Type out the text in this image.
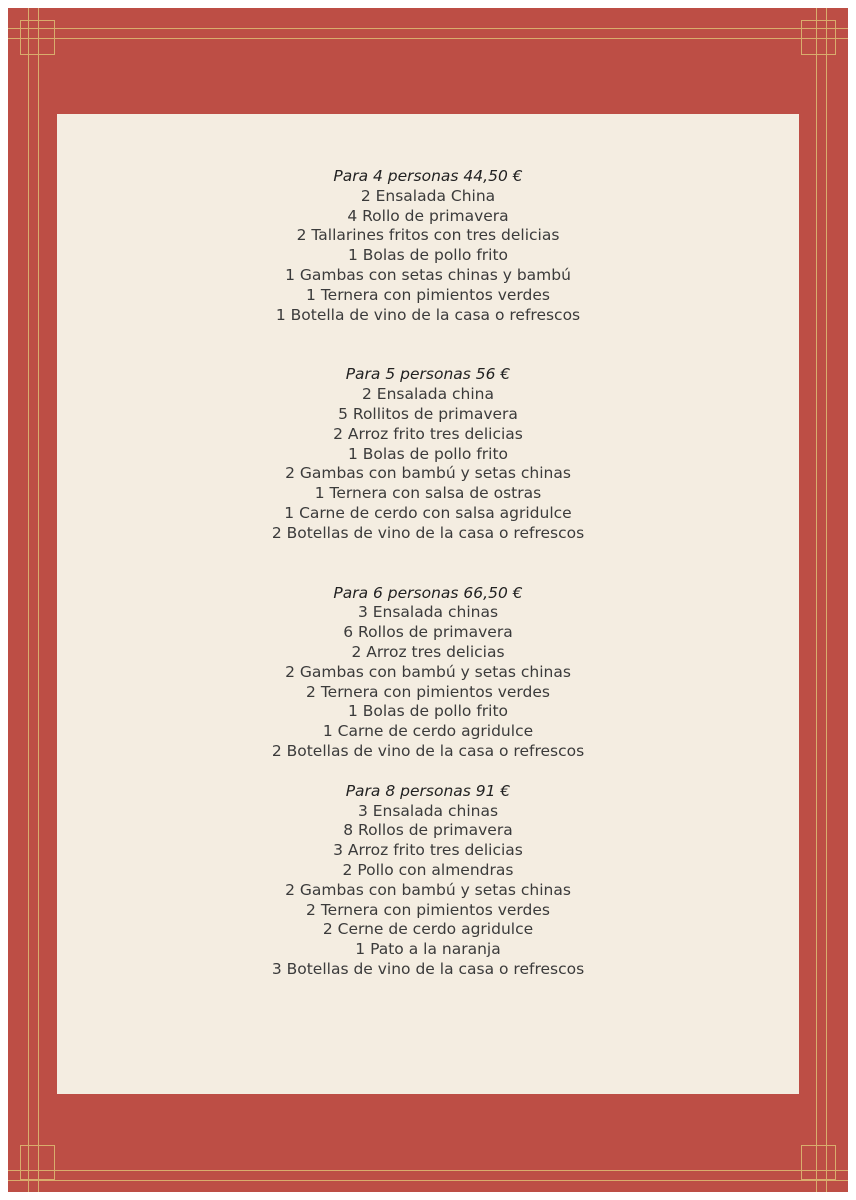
Para 4 personas 44,50 €
2 Ensalada China
4 Rollo de primavera
2 Tallarines fritos con tres delicias
1 Bolas de pollo frito
1 Gambas con setas chinas y bambú
1 Ternera con pimientos verdes
1 Botella de vino de la casa o refrescos
Para 5 personas 56 €
2 Ensalada china
5 Rollitos de primavera
2 Arroz frito tres delicias
1 Bolas de pollo frito
2 Gambas con bambú y setas chinas
1 Ternera con salsa de ostras
1 Carne de cerdo con salsa agridulce
2 Botellas de vino de la casa o refrescos
Para 6 personas 66,50 €
3 Ensalada chinas
6 Rollos de primavera
2 Arroz tres delicias
2 Gambas con bambú y setas chinas
2 Ternera con pimientos verdes
1 Bolas de pollo frito
1 Carne de cerdo agridulce
2 Botellas de vino de la casa o refrescos
Para 8 personas 91 €
3 Ensalada chinas
8 Rollos de primavera
3 Arroz frito tres delicias
2 Pollo con almendras
2 Gambas con bambú y setas chinas
2 Ternera con pimientos verdes
2 Cerne de cerdo agridulce
1 Pato a la naranja
3 Botellas de vino de la casa o refrescos
